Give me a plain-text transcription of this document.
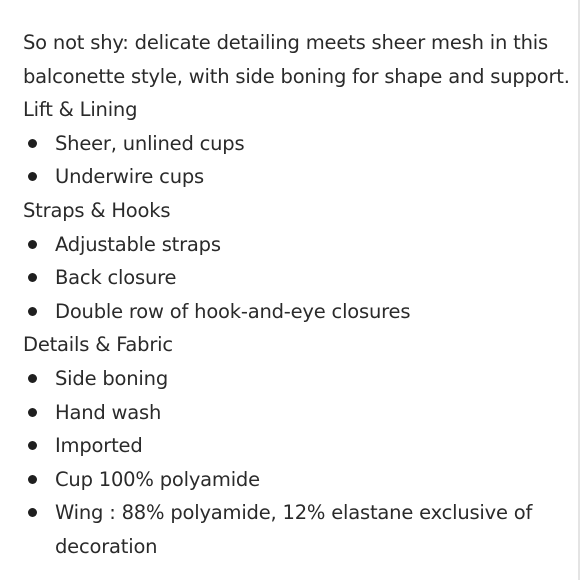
So not shy: delicate detailing meets sheer mesh in this

balconette style, with side boning for shape and support.

Lift & Lining
Sheer, unlined cups
Underwire cups
Straps & Hooks
Adjustable straps
Back closure
Double row of hook-and-eye closures
Details & Fabric
Side boning
Hand wash
Imported
Cup 100% polyamide
Wing : 88% polyamide, 12% elastane exclusive of decoration
